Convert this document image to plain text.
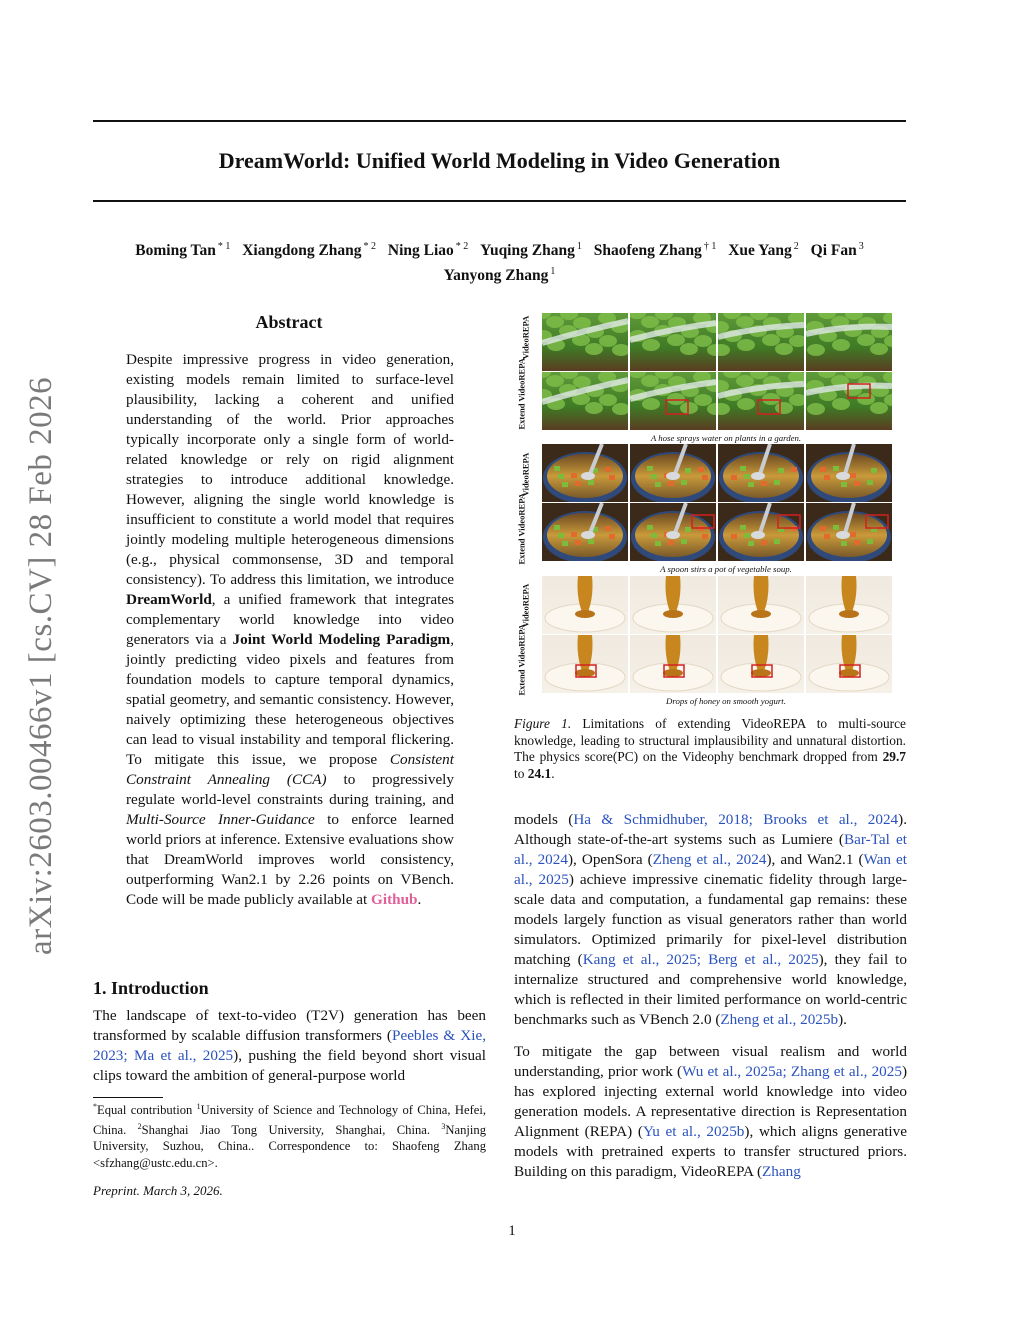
arXiv:2603.00466v1 [cs.CV] 28 Feb 2026
DreamWorld: Unified World Modeling in Video Generation
Boming Tan $^{* 1}$ Xiangdong Zhang $^{* 2}$ Ning Liao $^{* 2}$ Yuqing Zhang $^1$ Shaofeng Zhang $^{\dagger 1}$ Xue Yang $^2$ Qi Fan $^3$
Yanyong Zhang $^1$
Abstract

Despite impressive progress in video generation, existing models remain limited to surface-level plausibility, lacking a coherent and unified understanding of the world. Prior approaches typically incorporate only a single form of world-related knowledge or rely on rigid alignment strategies to introduce additional knowledge. However, aligning the single world knowledge is insufficient to constitute a world model that requires jointly modeling multiple heterogeneous dimensions (e.g., physical commonsense, 3D and temporal consistency). To address this limitation, we introduce DreamWorld, a unified framework that integrates complementary world knowledge into video generators via a Joint World Modeling Paradigm, jointly predicting video pixels and features from foundation models to capture temporal dynamics, spatial geometry, and semantic consistency. However, naively optimizing these heterogeneous objectives can lead to visual instability and temporal flickering. To mitigate this issue, we propose Consistent Constraint Annealing (CCA) to progressively regulate world-level constraints during training, and Multi-Source Inner-Guidance to enforce learned world priors at inference. Extensive evaluations show that DreamWorld improves world consistency, outperforming Wan2.1 by 2.26 points on VBench. Code will be made publicly available at Github.

1. Introduction

The landscape of text-to-video (T2V) generation has been transformed by scalable diffusion transformers (Peebles & Xie, 2023; Ma et al., 2025), pushing the field beyond short visual clips toward the ambition of general-purpose world

*Equal contribution $^1$University of Science and Technology of China, Hefei, China. $^2$Shanghai Jiao Tong University, Shanghai, China. $^3$Nanjing University, Suzhou, China.. Correspondence to: Shaofeng Zhang <sfzhang@ustc.edu.cn>.
Preprint. March 3, 2026.
1
VideoREPA
Extend VideoREPA
VideoREPA
Extend VideoREPA
VideoREPA
Extend VideoREPA
A hose sprays water on plants in a garden.
A spoon stirs a pot of vegetable soup.
Drops of honey on smooth yogurt.
Figure 1. Limitations of extending VideoREPA to multi-source knowledge, leading to structural implausibility and unnatural distortion. The physics score(PC) on the Videophy benchmark dropped from 29.7 to 24.1.

models (Ha & Schmidhuber, 2018; Brooks et al., 2024). Although state-of-the-art systems such as Lumiere (Bar-Tal et al., 2024), OpenSora (Zheng et al., 2024), and Wan2.1 (Wan et al., 2025) achieve impressive cinematic fidelity through large-scale data and computation, a fundamental gap remains: these models largely function as visual generators rather than world simulators. Optimized primarily for pixel-level distribution matching (Kang et al., 2025; Berg et al., 2025), they fail to internalize structured and comprehensive world knowledge, which is reflected in their limited performance on world-centric benchmarks such as VBench 2.0 (Zheng et al., 2025b).

To mitigate the gap between visual realism and world understanding, prior work (Wu et al., 2025a; Zhang et al., 2025) has explored injecting external world knowledge into video generation models. A representative direction is Representation Alignment (REPA) (Yu et al., 2025b), which aligns generative models with pretrained experts to transfer structured priors. Building on this paradigm, VideoREPA (Zhang
